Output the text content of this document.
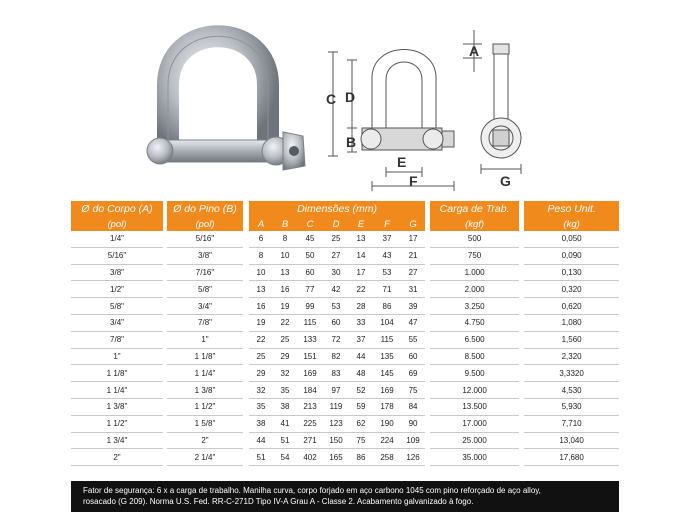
C D
B
E
F
A
G
Ø do Corpo (A)		Ø do Pino (B)		Dimensões (mm)								Carga de Trab.		Peso Unit.
(pol)		(pol)		A	B	C	D	E	F	G		(kgf)		(kg)
1/4"		5/16"		6	8	45	25	13	37	17		500		0,050
5/16"		3/8"		8	10	50	27	14	43	21		750		0,090
3/8"		7/16"		10	13	60	30	17	53	27		1.000		0,130
1/2"		5/8"		13	16	77	42	22	71	31		2.000		0,320
5/8"		3/4"		16	19	99	53	28	86	39		3.250		0,620
3/4"		7/8"		19	22	115	60	33	104	47		4.750		1,080
7/8"		1"		22	25	133	72	37	115	55		6.500		1,560
1"		1 1/8"		25	29	151	82	44	135	60		8.500		2,320
1 1/8"		1 1/4"		29	32	169	83	48	145	69		9.500		3,3320
1 1/4"		1 3/8"		32	35	184	97	52	169	75		12.000		4,530
1 3/8"		1 1/2"		35	38	213	119	59	178	84		13.500		5,930
1 1/2"		1 5/8"		38	41	225	123	62	190	90		17.000		7,710
1 3/4"		2"		44	51	271	150	75	224	109		25.000		13,040
2"		2 1/4"		51	54	402	165	86	258	126		35.000		17,680
Fator de segurança: 6 x a carga de trabalho. Manilha curva, corpo forjado em aço carbono 1045 com pino reforçado de aço alloy,
rosacado (G 209). Norma U.S. Fed. RR-C-271D Tipo IV-A Grau A - Classe 2. Acabamento galvanizado à fogo.
